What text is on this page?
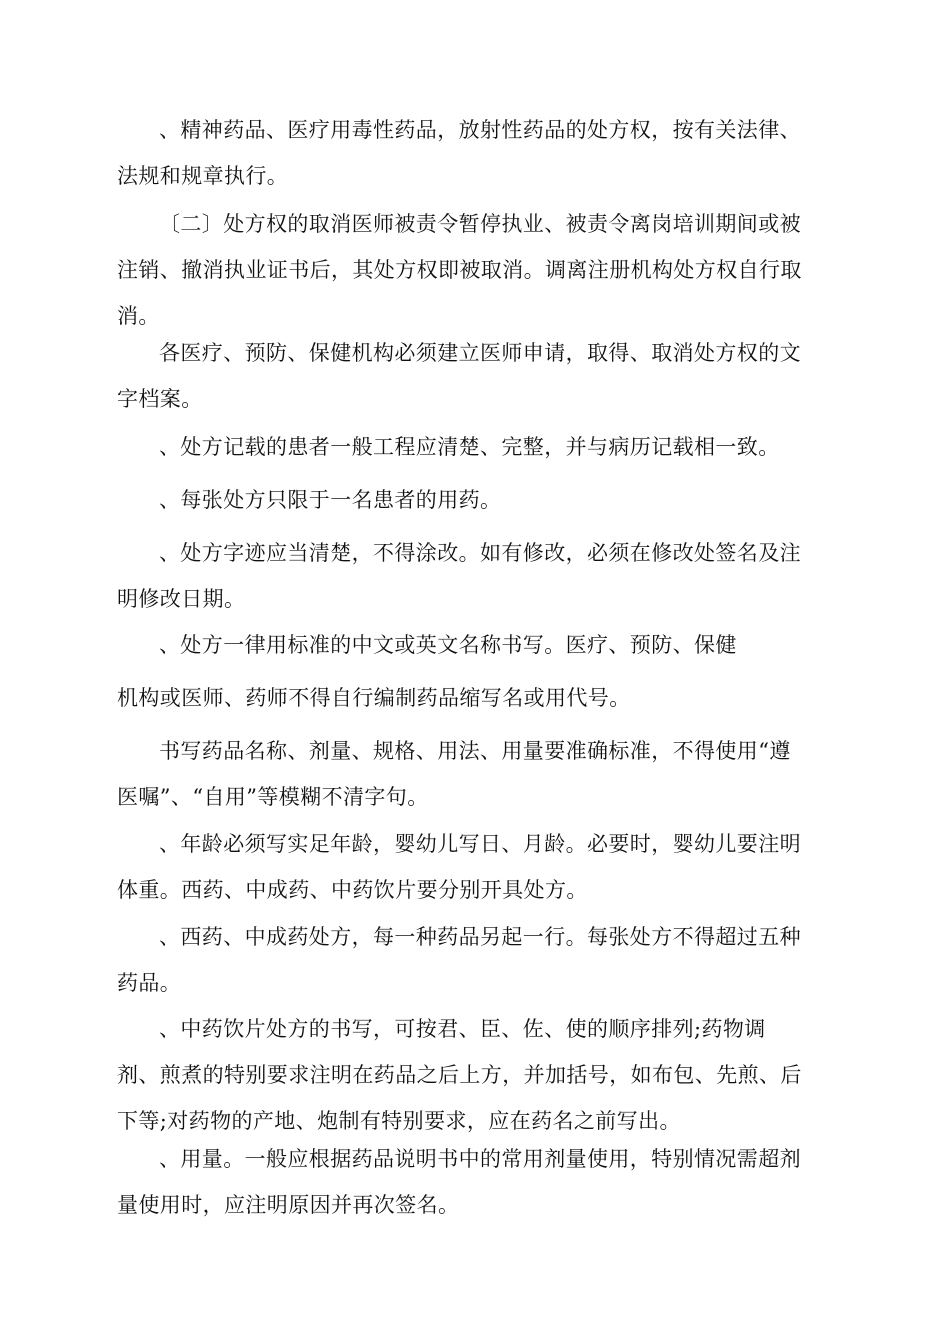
、精神药品、医疗用毒性药品，放射性药品的处方权，按有关法律、
法规和规章执行。

〔二〕处方权的取消医师被责令暂停执业、被责令离岗培训期间或被
注销、撤消执业证书后，其处方权即被取消。调离注册机构处方权自行取
消。

各医疗、预防、保健机构必须建立医师申请，取得、取消处方权的文
字档案。

、处方记载的患者一般工程应清楚、完整，并与病历记载相一致。

、每张处方只限于一名患者的用药。

、处方字迹应当清楚，不得涂改。如有修改，必须在修改处签名及注
明修改日期。

、处方一律用标准的中文或英文名称书写。医疗、预防、保健

机构或医师、药师不得自行编制药品缩写名或用代号。

书写药品名称、剂量、规格、用法、用量要准确标准，不得使用“遵
医嘱”、“自用”等模糊不清字句。

、年龄必须写实足年龄，婴幼儿写日、月龄。必要时，婴幼儿要注明
体重。西药、中成药、中药饮片要分别开具处方。

、西药、中成药处方，每一种药品另起一行。每张处方不得超过五种
药品。

、中药饮片处方的书写，可按君、臣、佐、使的顺序排列;药物调
剂、煎煮的特别要求注明在药品之后上方，并加括号，如布包、先煎、后
下等;对药物的产地、炮制有特别要求，应在药名之前写出。

、用量。一般应根据药品说明书中的常用剂量使用，特别情况需超剂
量使用时，应注明原因并再次签名。
